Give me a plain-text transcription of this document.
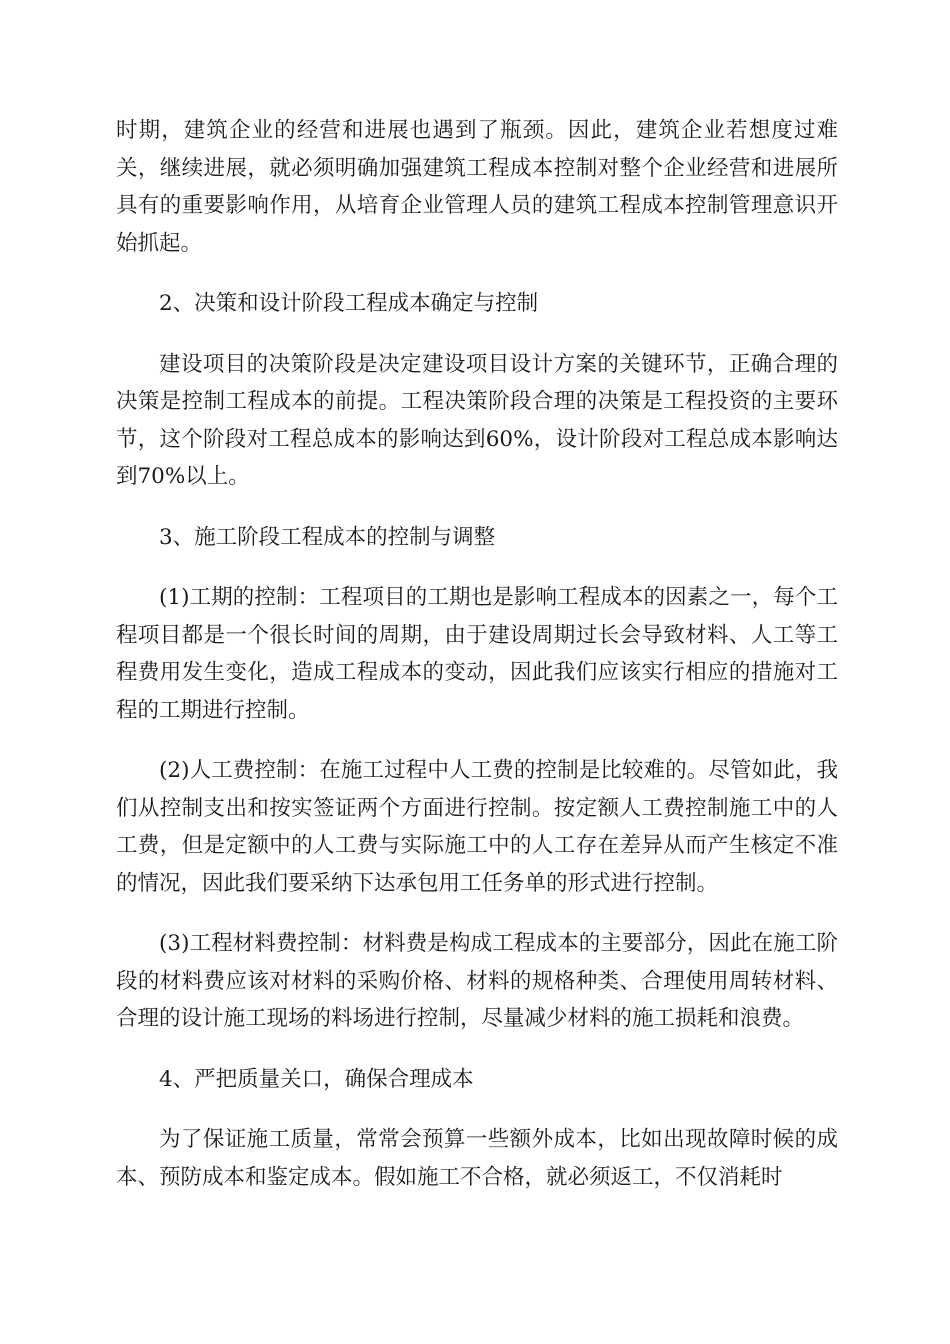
时期，建筑企业的经营和进展也遇到了瓶颈。因此，建筑企业若想度过难关，继续进展，就必须明确加强建筑工程成本控制对整个企业经营和进展所具有的重要影响作用，从培育企业管理人员的建筑工程成本控制管理意识开始抓起。

2、决策和设计阶段工程成本确定与控制

建设项目的决策阶段是决定建设项目设计方案的关键环节，正确合理的决策是控制工程成本的前提。工程决策阶段合理的决策是工程投资的主要环节，这个阶段对工程总成本的影响达到60%，设计阶段对工程总成本影响达到70%以上。

3、施工阶段工程成本的控制与调整

(1)工期的控制：工程项目的工期也是影响工程成本的因素之一，每个工程项目都是一个很长时间的周期，由于建设周期过长会导致材料、人工等工程费用发生变化，造成工程成本的变动，因此我们应该实行相应的措施对工程的工期进行控制。

(2)人工费控制：在施工过程中人工费的控制是比较难的。尽管如此，我们从控制支出和按实签证两个方面进行控制。按定额人工费控制施工中的人工费，但是定额中的人工费与实际施工中的人工存在差异从而产生核定不准的情况，因此我们要采纳下达承包用工任务单的形式进行控制。

(3)工程材料费控制：材料费是构成工程成本的主要部分，因此在施工阶段的材料费应该对材料的采购价格、材料的规格种类、合理使用周转材料、合理的设计施工现场的料场进行控制，尽量减少材料的施工损耗和浪费。

4、严把质量关口，确保合理成本

为了保证施工质量，常常会预算一些额外成本，比如出现故障时候的成本、预防成本和鉴定成本。假如施工不合格，就必须返工，不仅消耗时
